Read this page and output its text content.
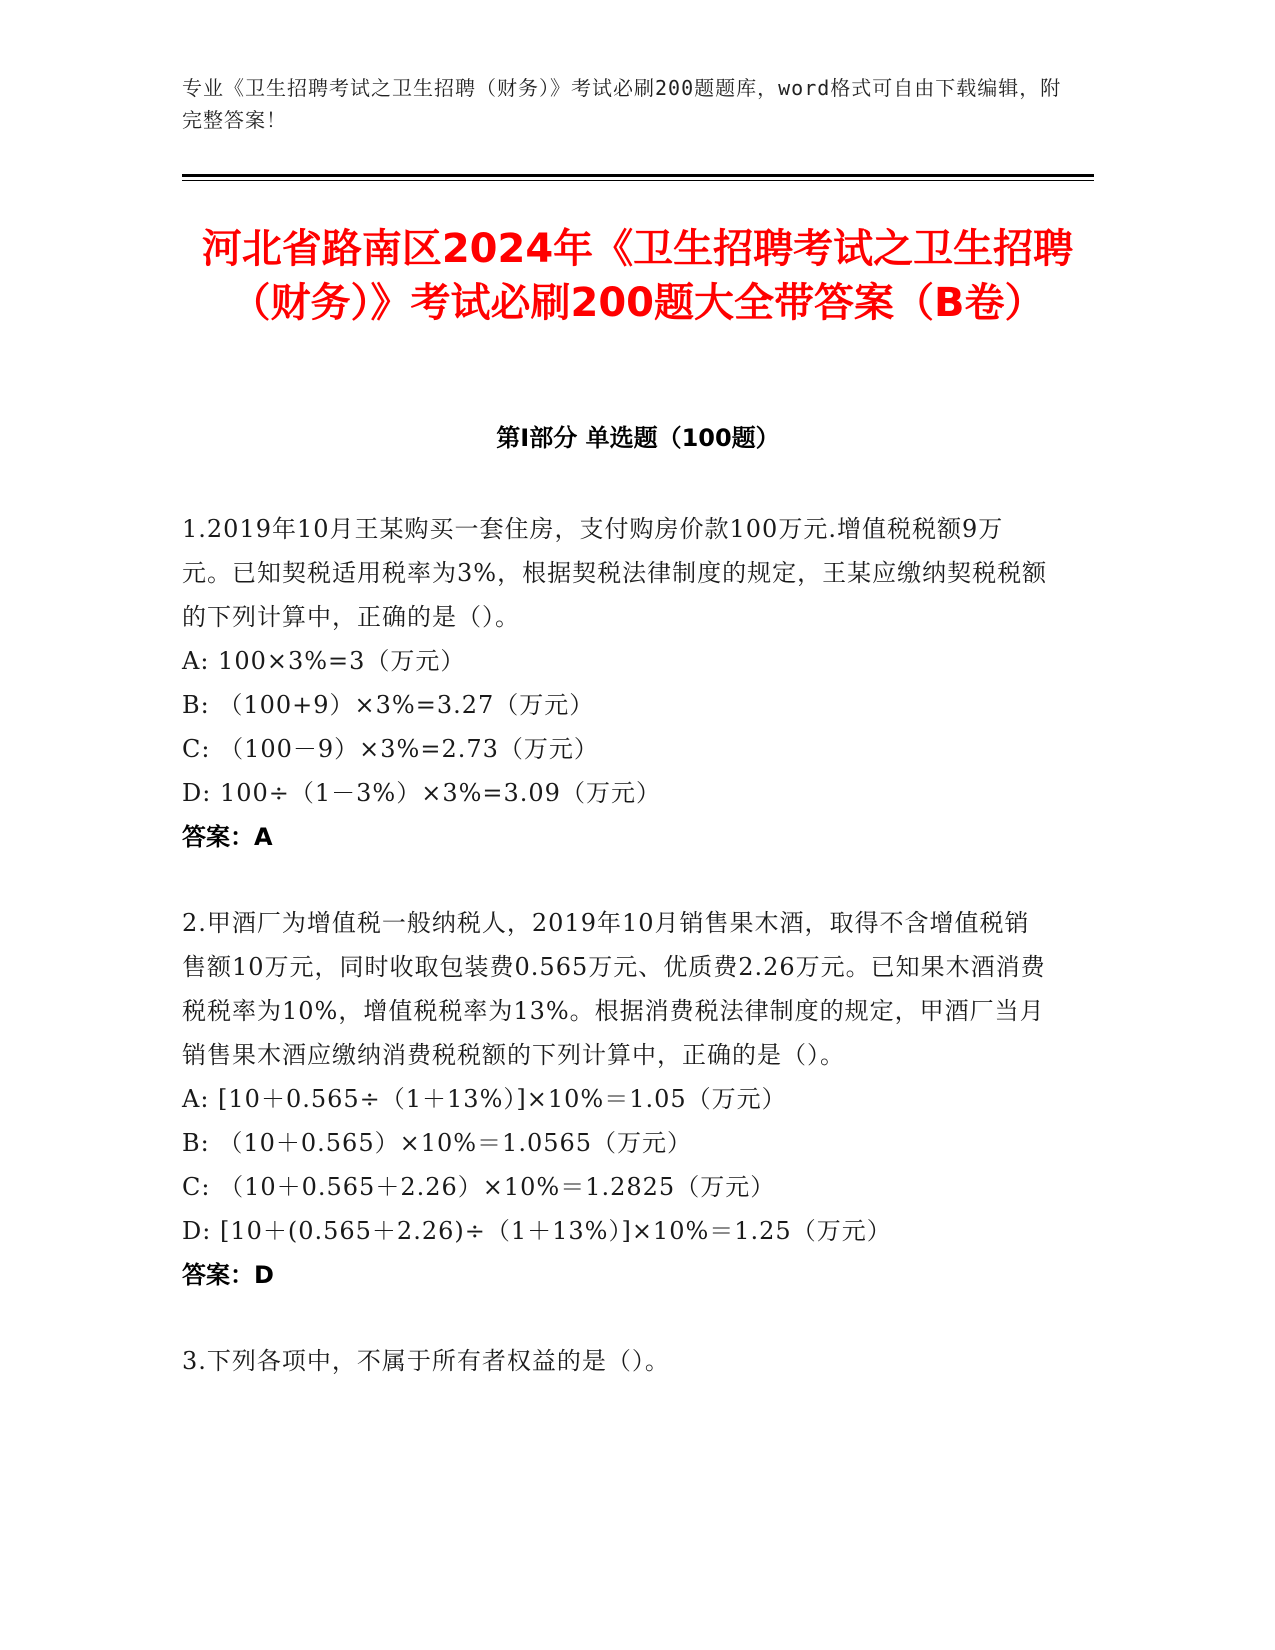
专业《卫生招聘考试之卫生招聘（财务）》考试必刷200题题库，word格式可自由下载编辑，附完整答案！
河北省路南区2024年《卫生招聘考试之卫生招聘（财务）》考试必刷200题大全带答案（B卷）
第I部分 单选题（100题）
1.2019年10月王某购买一套住房，支付购房价款100万元.增值税税额9万元。已知契税适用税率为3%，根据契税法律制度的规定，王某应缴纳契税税额的下列计算中，正确的是（）。
A: 100×3%=3（万元）
B: （100+9）×3%=3.27（万元）
C: （100－9）×3%=2.73（万元）
D: 100÷（1－3%）×3%=3.09（万元）
答案：A
2.甲酒厂为增值税一般纳税人，2019年10月销售果木酒，取得不含增值税销售额10万元，同时收取包装费0.565万元、优质费2.26万元。已知果木酒消费税税率为10%，增值税税率为13%。根据消费税法律制度的规定，甲酒厂当月销售果木酒应缴纳消费税税额的下列计算中，正确的是（）。
A: [10＋0.565÷（1＋13%）]×10%＝1.05（万元）
B: （10＋0.565）×10%＝1.0565（万元）
C: （10＋0.565＋2.26）×10%＝1.2825（万元）
D: [10＋(0.565＋2.26)÷（1＋13%）]×10%＝1.25（万元）
答案：D
3.下列各项中，不属于所有者权益的是（）。
